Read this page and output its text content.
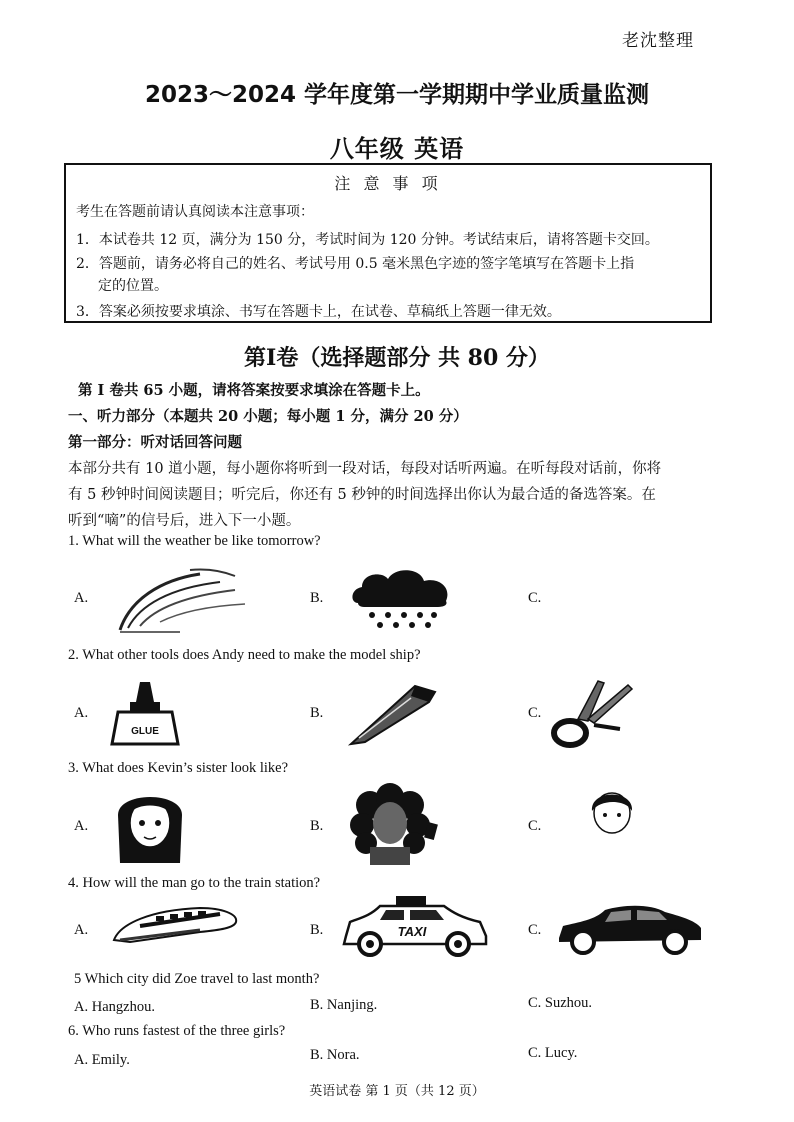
老沈整理
2023～2024 学年度第一学期期中学业质量监测
八年级 英语
注 意 事 项
考生在答题前请认真阅读本注意事项：
1．本试卷共 12 页，满分为 150 分，考试时间为 120 分钟。考试结束后，请将答题卡交回。
2．答题前，请务必将自己的姓名、考试号用 0.5 毫米黑色字迹的签字笔填写在答题卡上指
定的位置。
3．答案必须按要求填涂、书写在答题卡上，在试卷、草稿纸上答题一律无效。
第Ⅰ卷（选择题部分 共 80 分）
第 I 卷共 65 小题，请将答案按要求填涂在答题卡上。
一、听力部分（本题共 20 小题；每小题 1 分，满分 20 分）
第一部分：听对话回答问题
本部分共有 10 道小题，每小题你将听到一段对话，每段对话听两遍。在听每段对话前，你将
有 5 秒钟时间阅读题目；听完后，你还有 5 秒钟的时间选择出你认为最合适的备选答案。在
听到“嘀”的信号后，进入下一小题。
1. What will the weather be like tomorrow?
A.	B.	C.
2. What other tools does Andy need to make the model ship?
A.
GLUE
B.	C.
3. What does Kevin’s sister look like?
A.	B.	C.
4. How will the man go to the train station?
A.	B.	TAXI	C.
5 Which city did Zoe travel to last month?
A. Hangzhou.	B. Nanjing.	C. Suzhou.
6. Who runs fastest of the three girls?
A. Emily.	B. Nora.	C. Lucy.
英语试卷 第 1 页（共 12 页）
